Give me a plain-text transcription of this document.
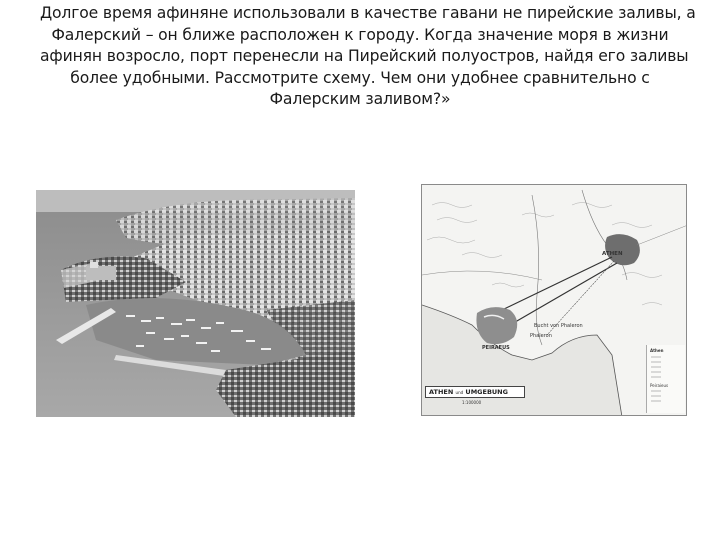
Долгое время афиняне использовали в качестве гавани не пирейские заливы, а
Фалерский – он ближе расположен к городу. Когда значение моря в жизни
афинян возросло, порт перенесли на Пирейский полуостров, найдя его заливы
более удобными. Рассмотрите схему. Чем они удобнее сравнительно с
Фалерским заливом?»
ATHEN
PEIRAEUS
Phaleron
Bucht von Phaleron
Athen
Peiraieus
ATHEN und UMGEBUNG
1:100000
